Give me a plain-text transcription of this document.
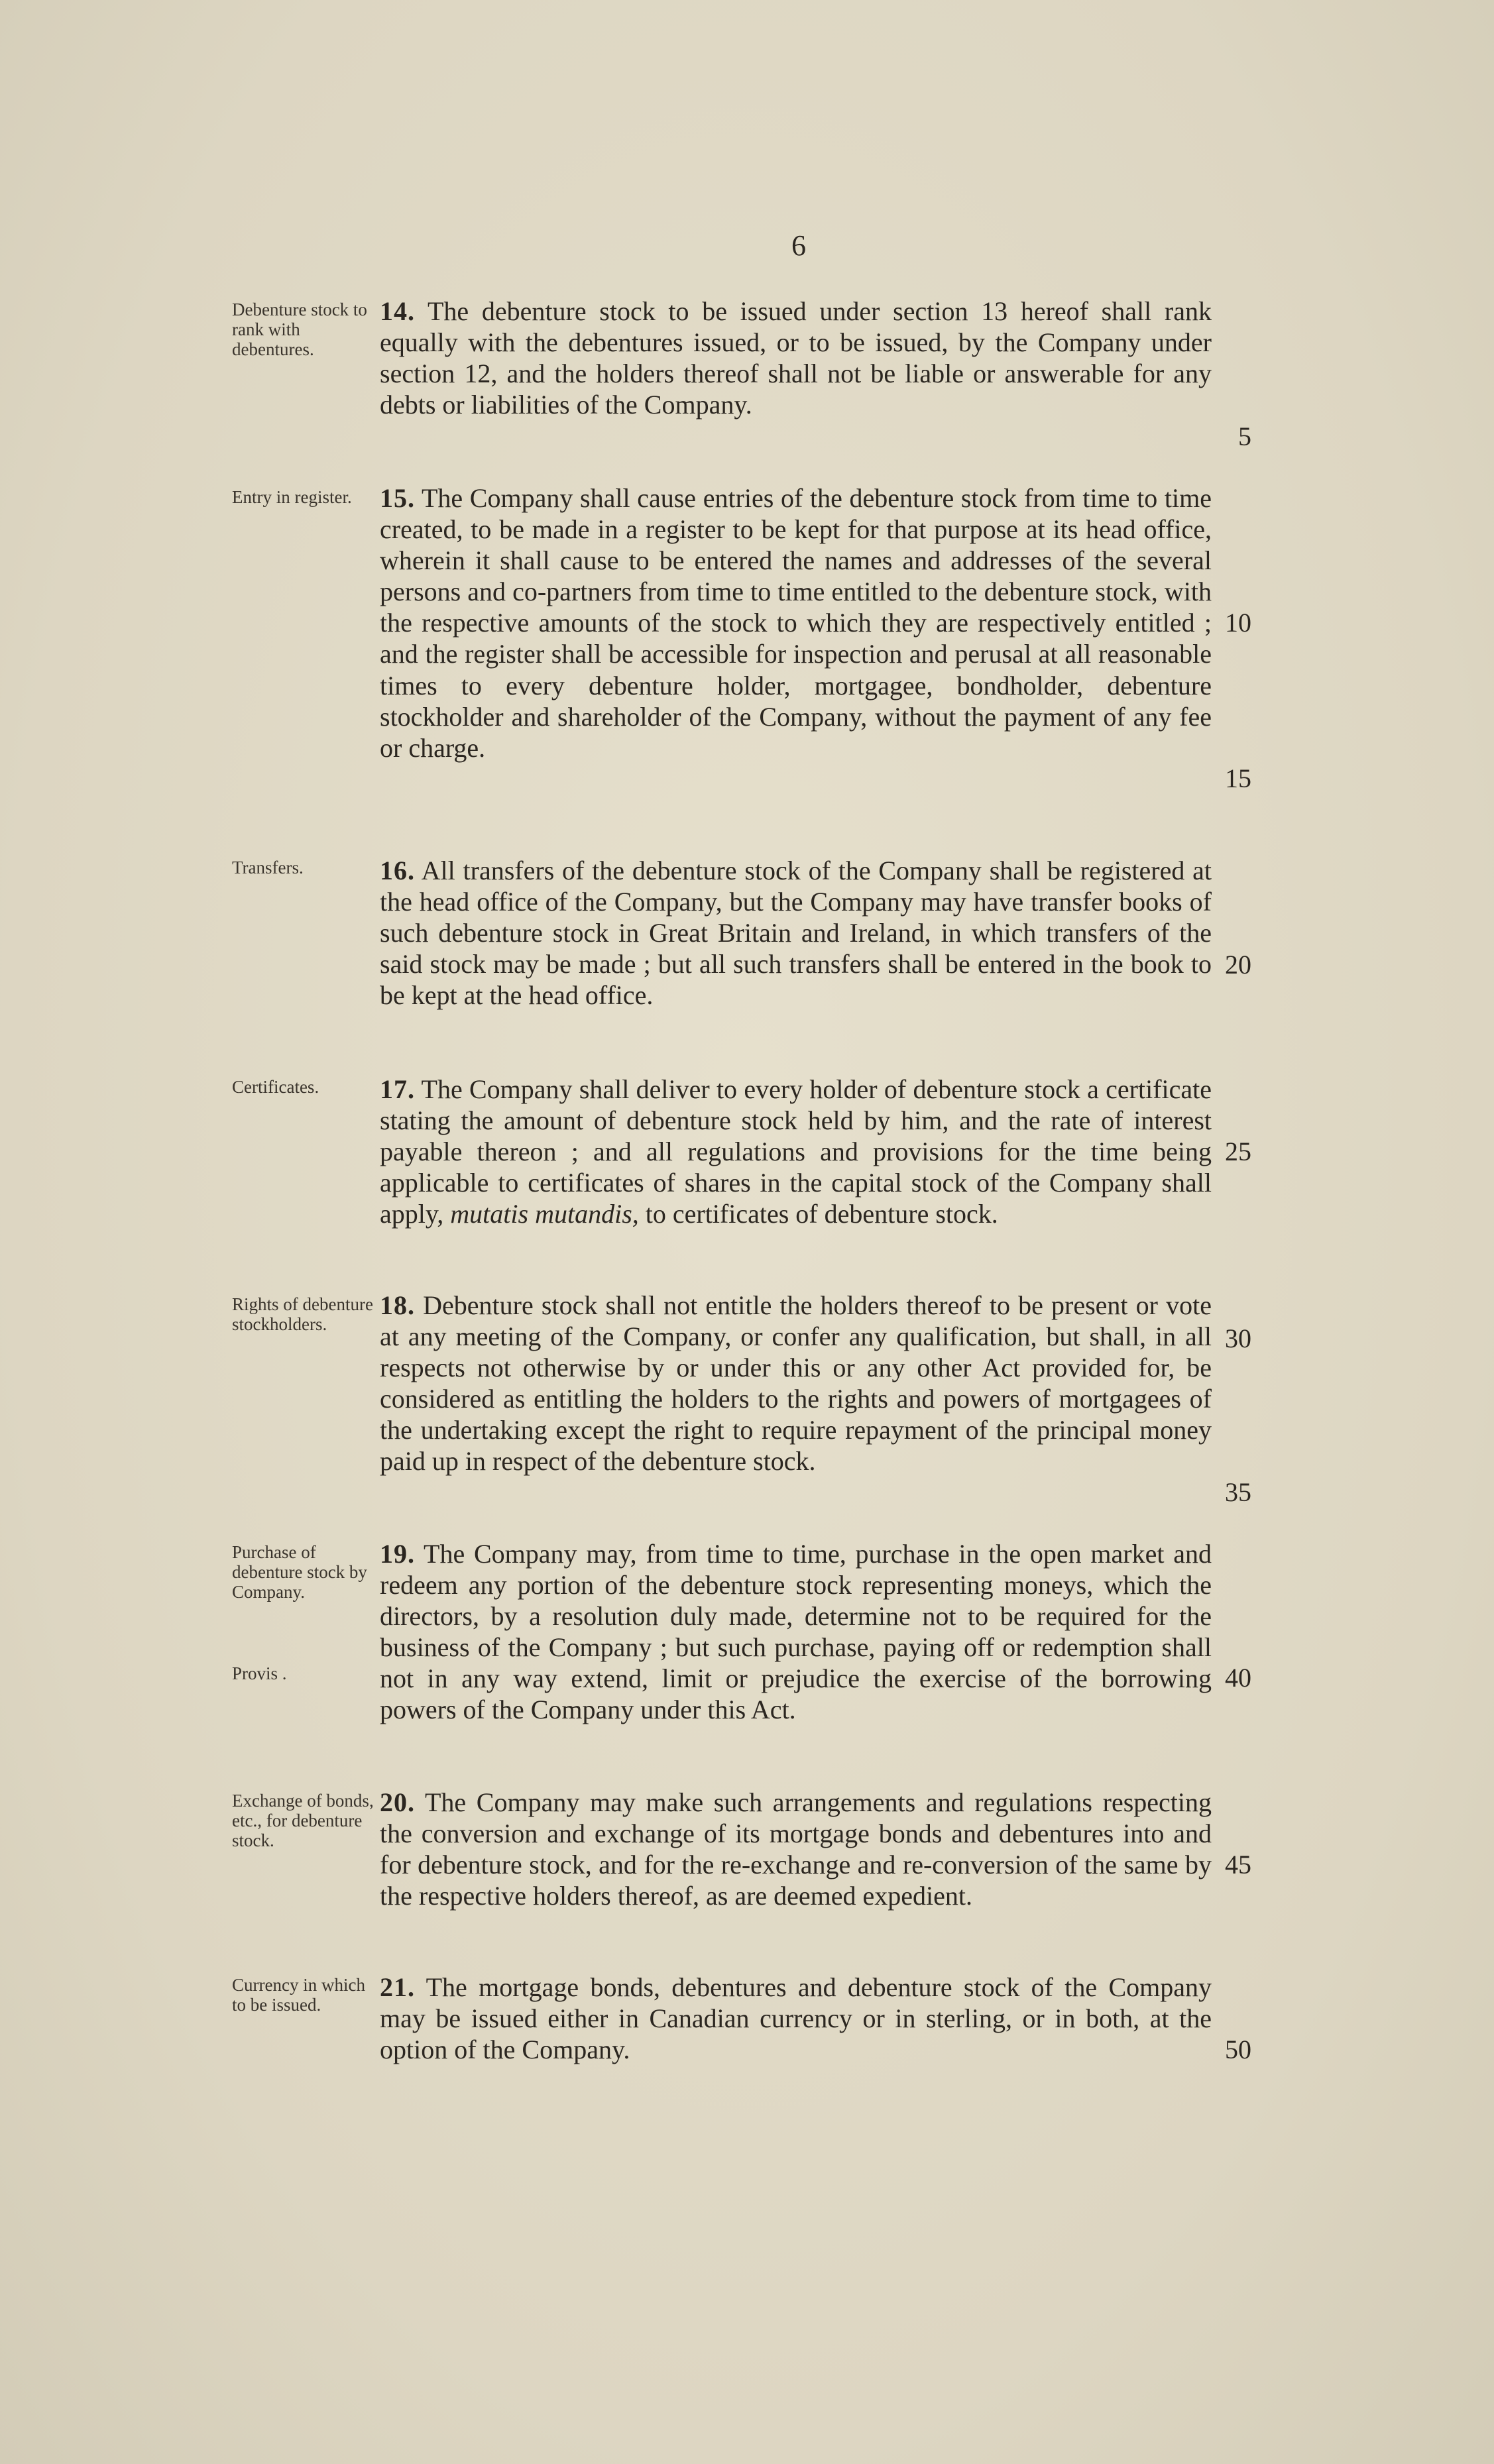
6
Debenture stock to rank with debentures.
14. The debenture stock to be issued under section 13 hereof shall rank equally with the debentures issued, or to be issued, by the Company under section 12, and the holders thereof shall not be liable or answerable for any debts or liabilities of the Company.
Entry in register.	15. The Company shall cause entries of the debenture stock from time to time created, to be made in a register to be kept for that purpose at its head office, wherein it shall cause to be entered the names and addresses of the several persons and co-partners from time to time entitled to the debenture stock, with the respective amounts of the stock to which they are respectively entitled ; and the register shall be accessible for inspection and perusal at all reasonable times to every debenture holder, mortgagee, bondholder, debenture stockholder and shareholder of the Company, without the payment of any fee or charge.
Transfers.	16. All transfers of the debenture stock of the Company shall be registered at the head office of the Company, but the Company may have transfer books of such debenture stock in Great Britain and Ireland, in which transfers of the said stock may be made ; but all such transfers shall be entered in the book to be kept at the head office.
Certificates.	17. The Company shall deliver to every holder of debenture stock a certificate stating the amount of debenture stock held by him, and the rate of interest payable thereon ; and all regulations and provisions for the time being applicable to certificates of shares in the capital stock of the Company shall apply, mutatis mutandis, to certificates of debenture stock.
Rights of debenture stockholders.
18. Debenture stock shall not entitle the holders thereof to be present or vote at any meeting of the Company, or confer any qualification, but shall, in all respects not otherwise by or under this or any other Act provided for, be considered as entitling the holders to the rights and powers of mortgagees of the undertaking except the right to require repayment of the principal money paid up in respect of the debenture stock.
Purchase of debenture stock by Company.
Provis .
19. The Company may, from time to time, purchase in the open market and redeem any portion of the debenture stock representing moneys, which the directors, by a resolution duly made, determine not to be required for the business of the Company ; but such purchase, paying off or redemption shall not in any way extend, limit or prejudice the exercise of the borrowing powers of the Company under this Act.
Exchange of bonds, etc., for debenture stock.
20. The Company may make such arrangements and regulations respecting the conversion and exchange of its mortgage bonds and debentures into and for debenture stock, and for the re-exchange and re-conversion of the same by the respective holders thereof, as are deemed expedient.
Currency in which to be issued.
21. The mortgage bonds, debentures and debenture stock of the Company may be issued either in Canadian currency or in sterling, or in both, at the option of the Company.
5
10
15
20
25
30
35
40
45
50
